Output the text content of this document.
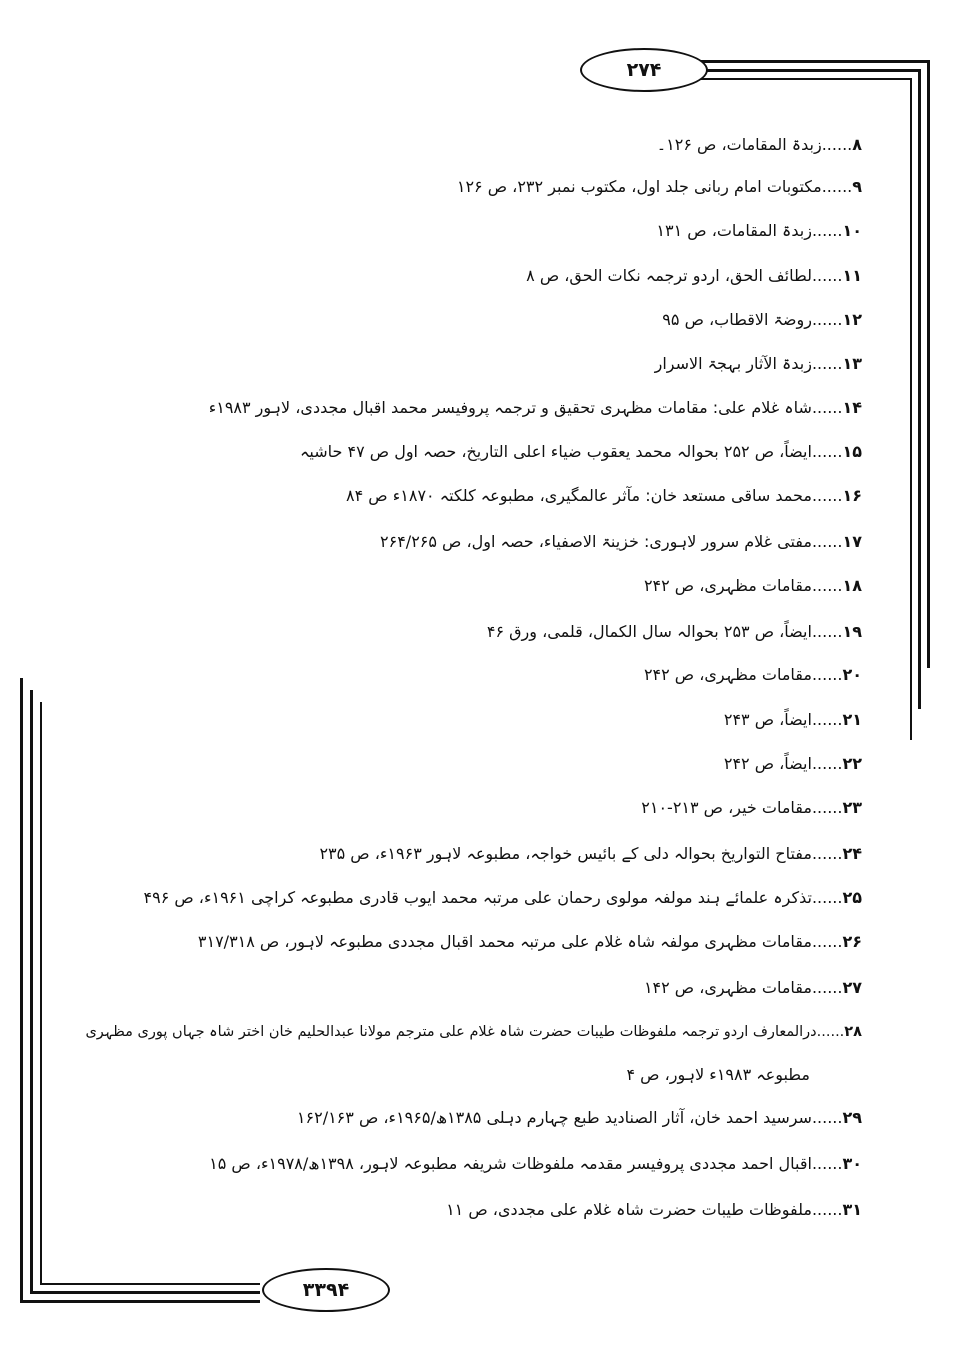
۲۷۴
۳۳۹۴
۸......زبدۃ المقامات، ص ۱۲۶۔
۹......مکتوبات امام ربانی جلد اول، مکتوب نمبر ۲۳۲، ص ۱۲۶
۱۰......زبدۃ المقامات، ص ۱۳۱
۱۱......لطائف الحق، اردو ترجمہ نکات الحق، ص ۸
۱۲......روضۃ الاقطاب، ص ۹۵
۱۳......زبدۃ الآثار بہجۃ الاسرار
۱۴......شاہ غلام علی: مقامات مظہری تحقیق و ترجمہ پروفیسر محمد اقبال مجددی، لاہور ۱۹۸۳ء
۱۵......ایضاً، ص ۲۵۲ بحوالہ محمد یعقوب ضیاء اعلی التاریخ، حصہ اول ص ۴۷ حاشیہ
۱۶......محمد ساقی مستعد خان: مآثر عالمگیری، مطبوعہ کلکتہ ۱۸۷۰ء ص ۸۴
۱۷......مفتی غلام سرور لاہوری: خزینۃ الاصفیاء، حصہ اول، ص ۲۶۴/۲۶۵
۱۸......مقامات مظہری، ص ۲۴۲
۱۹......ایضاً، ص ۲۵۳ بحوالہ سال الکمال، قلمی، ورق ۴۶
۲۰......مقامات مظہری، ص ۲۴۲
۲۱......ایضاً، ص ۲۴۳
۲۲......ایضاً، ص ۲۴۲
۲۳......مقامات خیر، ص ۲۱۳-۲۱۰
۲۴......مفتاح التواریخ بحوالہ دلی کے بائیس خواجہ، مطبوعہ لاہور ۱۹۶۳ء، ص ۲۳۵
۲۵......تذکرہ علمائے ہند مولفہ مولوی رحمان علی مرتبہ محمد ایوب قادری مطبوعہ کراچی ۱۹۶۱ء، ص ۴۹۶
۲۶......مقامات مظہری مولفہ شاہ غلام علی مرتبہ محمد اقبال مجددی مطبوعہ لاہور، ص ۳۱۷/۳۱۸
۲۷......مقامات مظہری، ص ۱۴۲
۲۸......درالمعارف اردو ترجمہ ملفوظات طیبات حضرت شاہ غلام علی مترجم مولانا عبدالحلیم خان اختر شاہ جہاں پوری مظہری
مطبوعہ ۱۹۸۳ء لاہور، ص ۴
۲۹......سرسید احمد خان، آثار الصنادید طبع چہارم دہلی ۱۳۸۵ھ/۱۹۶۵ء، ص ۱۶۲/۱۶۳
۳۰......اقبال احمد مجددی پروفیسر مقدمہ ملفوظات شریفہ مطبوعہ لاہور، ۱۳۹۸ھ/۱۹۷۸ء، ص ۱۵
۳۱......ملفوظات طیبات حضرت شاہ غلام علی مجددی، ص ۱۱
